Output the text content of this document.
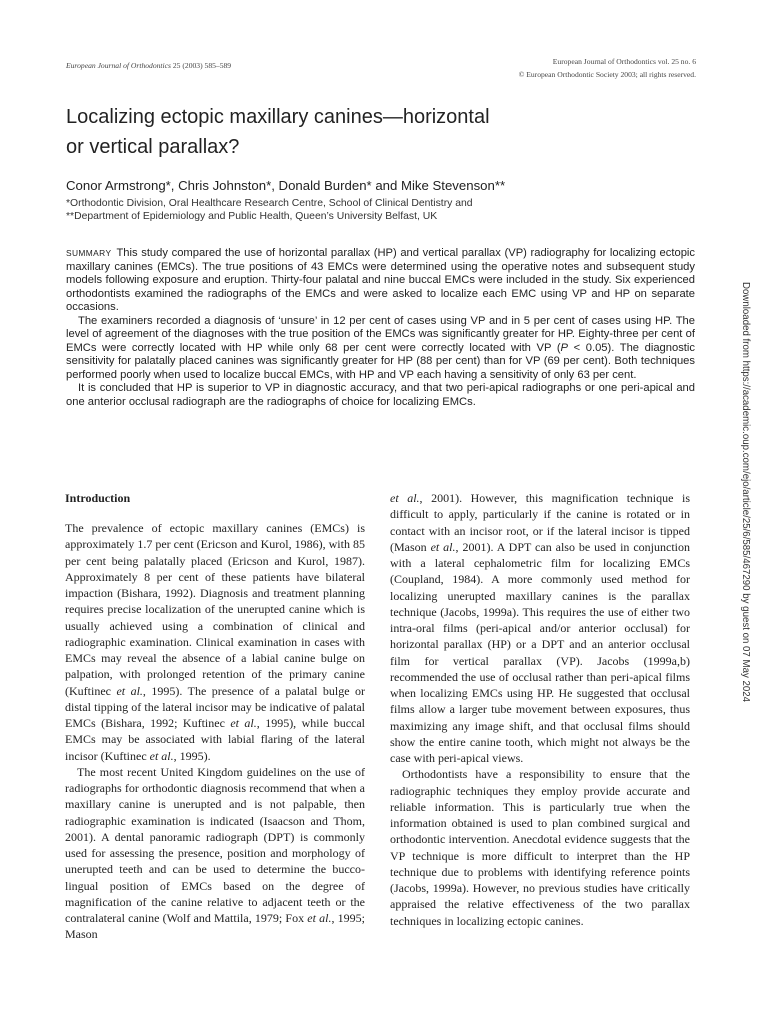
European Journal of Orthodontics 25 (2003) 585–589	European Journal of Orthodontics vol. 25 no. 6
© European Orthodontic Society 2003; all rights reserved.
Localizing ectopic maxillary canines—horizontal
or vertical parallax?
Conor Armstrong*, Chris Johnston*, Donald Burden* and Mike Stevenson**
*Orthodontic Division, Oral Healthcare Research Centre, School of Clinical Dentistry and
**Department of Epidemiology and Public Health, Queen’s University Belfast, UK

SUMMARY This study compared the use of horizontal parallax (HP) and vertical parallax (VP) radiography for localizing ectopic maxillary canines (EMCs). The true positions of 43 EMCs were determined using the operative notes and subsequent study models following exposure and eruption. Thirty-four palatal and nine buccal EMCs were included in the study. Six experienced orthodontists examined the radiographs of the EMCs and were asked to localize each EMC using VP and HP on separate occasions.

The examiners recorded a diagnosis of ‘unsure’ in 12 per cent of cases using VP and in 5 per cent of cases using HP. The level of agreement of the diagnoses with the true position of the EMCs was significantly greater for HP. Eighty-three per cent of EMCs were correctly located with HP while only 68 per cent were correctly located with VP (P < 0.05). The diagnostic sensitivity for palatally placed canines was significantly greater for HP (88 per cent) than for VP (69 per cent). Both techniques performed poorly when used to localize buccal EMCs, with HP and VP each having a sensitivity of only 63 per cent.

It is concluded that HP is superior to VP in diagnostic accuracy, and that two peri-apical radiographs or one peri-apical and one anterior occlusal radiograph are the radiographs of choice for localizing EMCs.	Downloaded from https://academic.oup.com/ejo/article/25/6/585/467290 by guest on 07 May 2024
Introduction

The prevalence of ectopic maxillary canines (EMCs) is approximately 1.7 per cent (Ericson and Kurol, 1986), with 85 per cent being palatally placed (Ericson and Kurol, 1987). Approximately 8 per cent of these patients have bilateral impaction (Bishara, 1992). Diagnosis and treatment planning requires precise localization of the unerupted canine which is usually achieved using a combination of clinical and radiographic examination. Clinical examination in cases with EMCs may reveal the absence of a labial canine bulge on palpation, with prolonged retention of the primary canine (Kuftinec et al., 1995). The presence of a palatal bulge or distal tipping of the lateral incisor may be indicative of palatal EMCs (Bishara, 1992; Kuftinec et al., 1995), while buccal EMCs may be associated with labial flaring of the lateral incisor (Kuftinec et al., 1995).

The most recent United Kingdom guidelines on the use of radiographs for orthodontic diagnosis recommend that when a maxillary canine is unerupted and is not palpable, then radiographic examination is indicated (Isaacson and Thom, 2001). A dental panoramic radiograph (DPT) is commonly used for assessing the presence, position and morphology of unerupted teeth and can be used to determine the bucco-lingual position of EMCs based on the degree of magnification of the canine relative to adjacent teeth or the contralateral canine (Wolf and Mattila, 1979; Fox et al., 1995; Mason

et al., 2001). However, this magnification technique is difficult to apply, particularly if the canine is rotated or in contact with an incisor root, or if the lateral incisor is tipped (Mason et al., 2001). A DPT can also be used in conjunction with a lateral cephalometric film for localizing EMCs (Coupland, 1984). A more commonly used method for localizing unerupted maxillary canines is the parallax technique (Jacobs, 1999a). This requires the use of either two intra-oral films (peri-apical and/or anterior occlusal) for horizontal parallax (HP) or a DPT and an anterior occlusal film for vertical parallax (VP). Jacobs (1999a,b) recommended the use of occlusal rather than peri-apical films when localizing EMCs using HP. He suggested that occlusal films allow a larger tube movement between exposures, thus maximizing any image shift, and that occlusal films should show the entire canine tooth, which might not always be the case with peri-apical views.

Orthodontists have a responsibility to ensure that the radiographic techniques they employ provide accurate and reliable information. This is particularly true when the information obtained is used to plan combined surgical and orthodontic intervention. Anecdotal evidence suggests that the VP technique is more difficult to interpret than the HP technique due to problems with identifying reference points (Jacobs, 1999a). However, no previous studies have critically appraised the relative effectiveness of the two parallax techniques in localizing ectopic canines.
